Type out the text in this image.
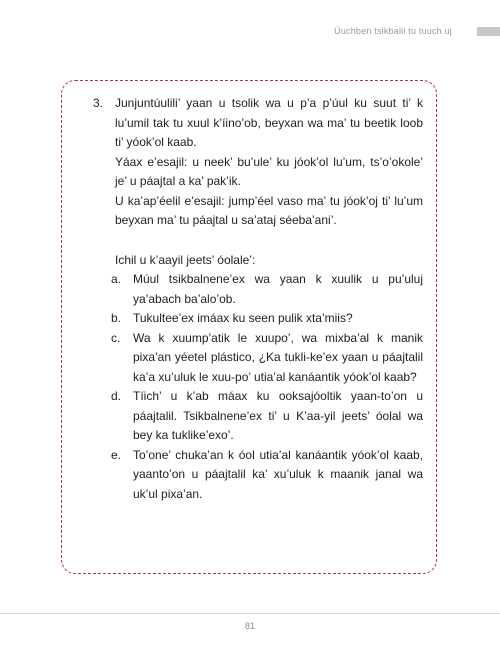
Úuchben tsikbalil tu tuuch uj
3. Junjuntúulili’ yaan u tsolik wa u p’a p’úul ku suut ti’ k lu’umil tak tu xuul k’íino’ob, beyxan wa ma’ tu beetik loob ti’ yóok’ol kaab.

Yáax e’esajil: u neek’ bu’ule’ ku jóok’ol lu’um, ts’o’okole’ je’ u páajtal a ka’ pak’ik.

U ka’ap’éelil e’esajil: jump’éel vaso ma’ tu jóok’oj ti’ lu’um beyxan ma’ tu páajtal u sa’ataj séeba’ani’.

Ichil u k’aayil jeets’ óolale’:
a. Múul tsikbalnene’ex wa yaan k xuulik u pu’uluj ya’abach ba’alo’ob.
b. Tukultee’ex imáax ku seen pulik xta’miis?
c.	Wa k xuump’atik le xuupo’, wa mixba’al k manik pixa’an yéetel plástico, ¿Ka tukli-ke’ex yaan u páajtalil ka’a xu’uluk le xuu-po’ utia’al kanáantik yóok’ol kaab?
d. Tíich’ u k’ab máax ku ooksajóoltik yaan-to’on u páajtalil. Tsikbalnene’ex ti’ u K’aa-yil jeets’ óolal wa bey ka tuklike’exo’.
e. To’one’ chuka’an k óol utia’al kanáantik yóok’ol kaab, yaanto’on u páajtalil ka’ xu’uluk k maanik janal wa uk’ul pixa’an.
81
